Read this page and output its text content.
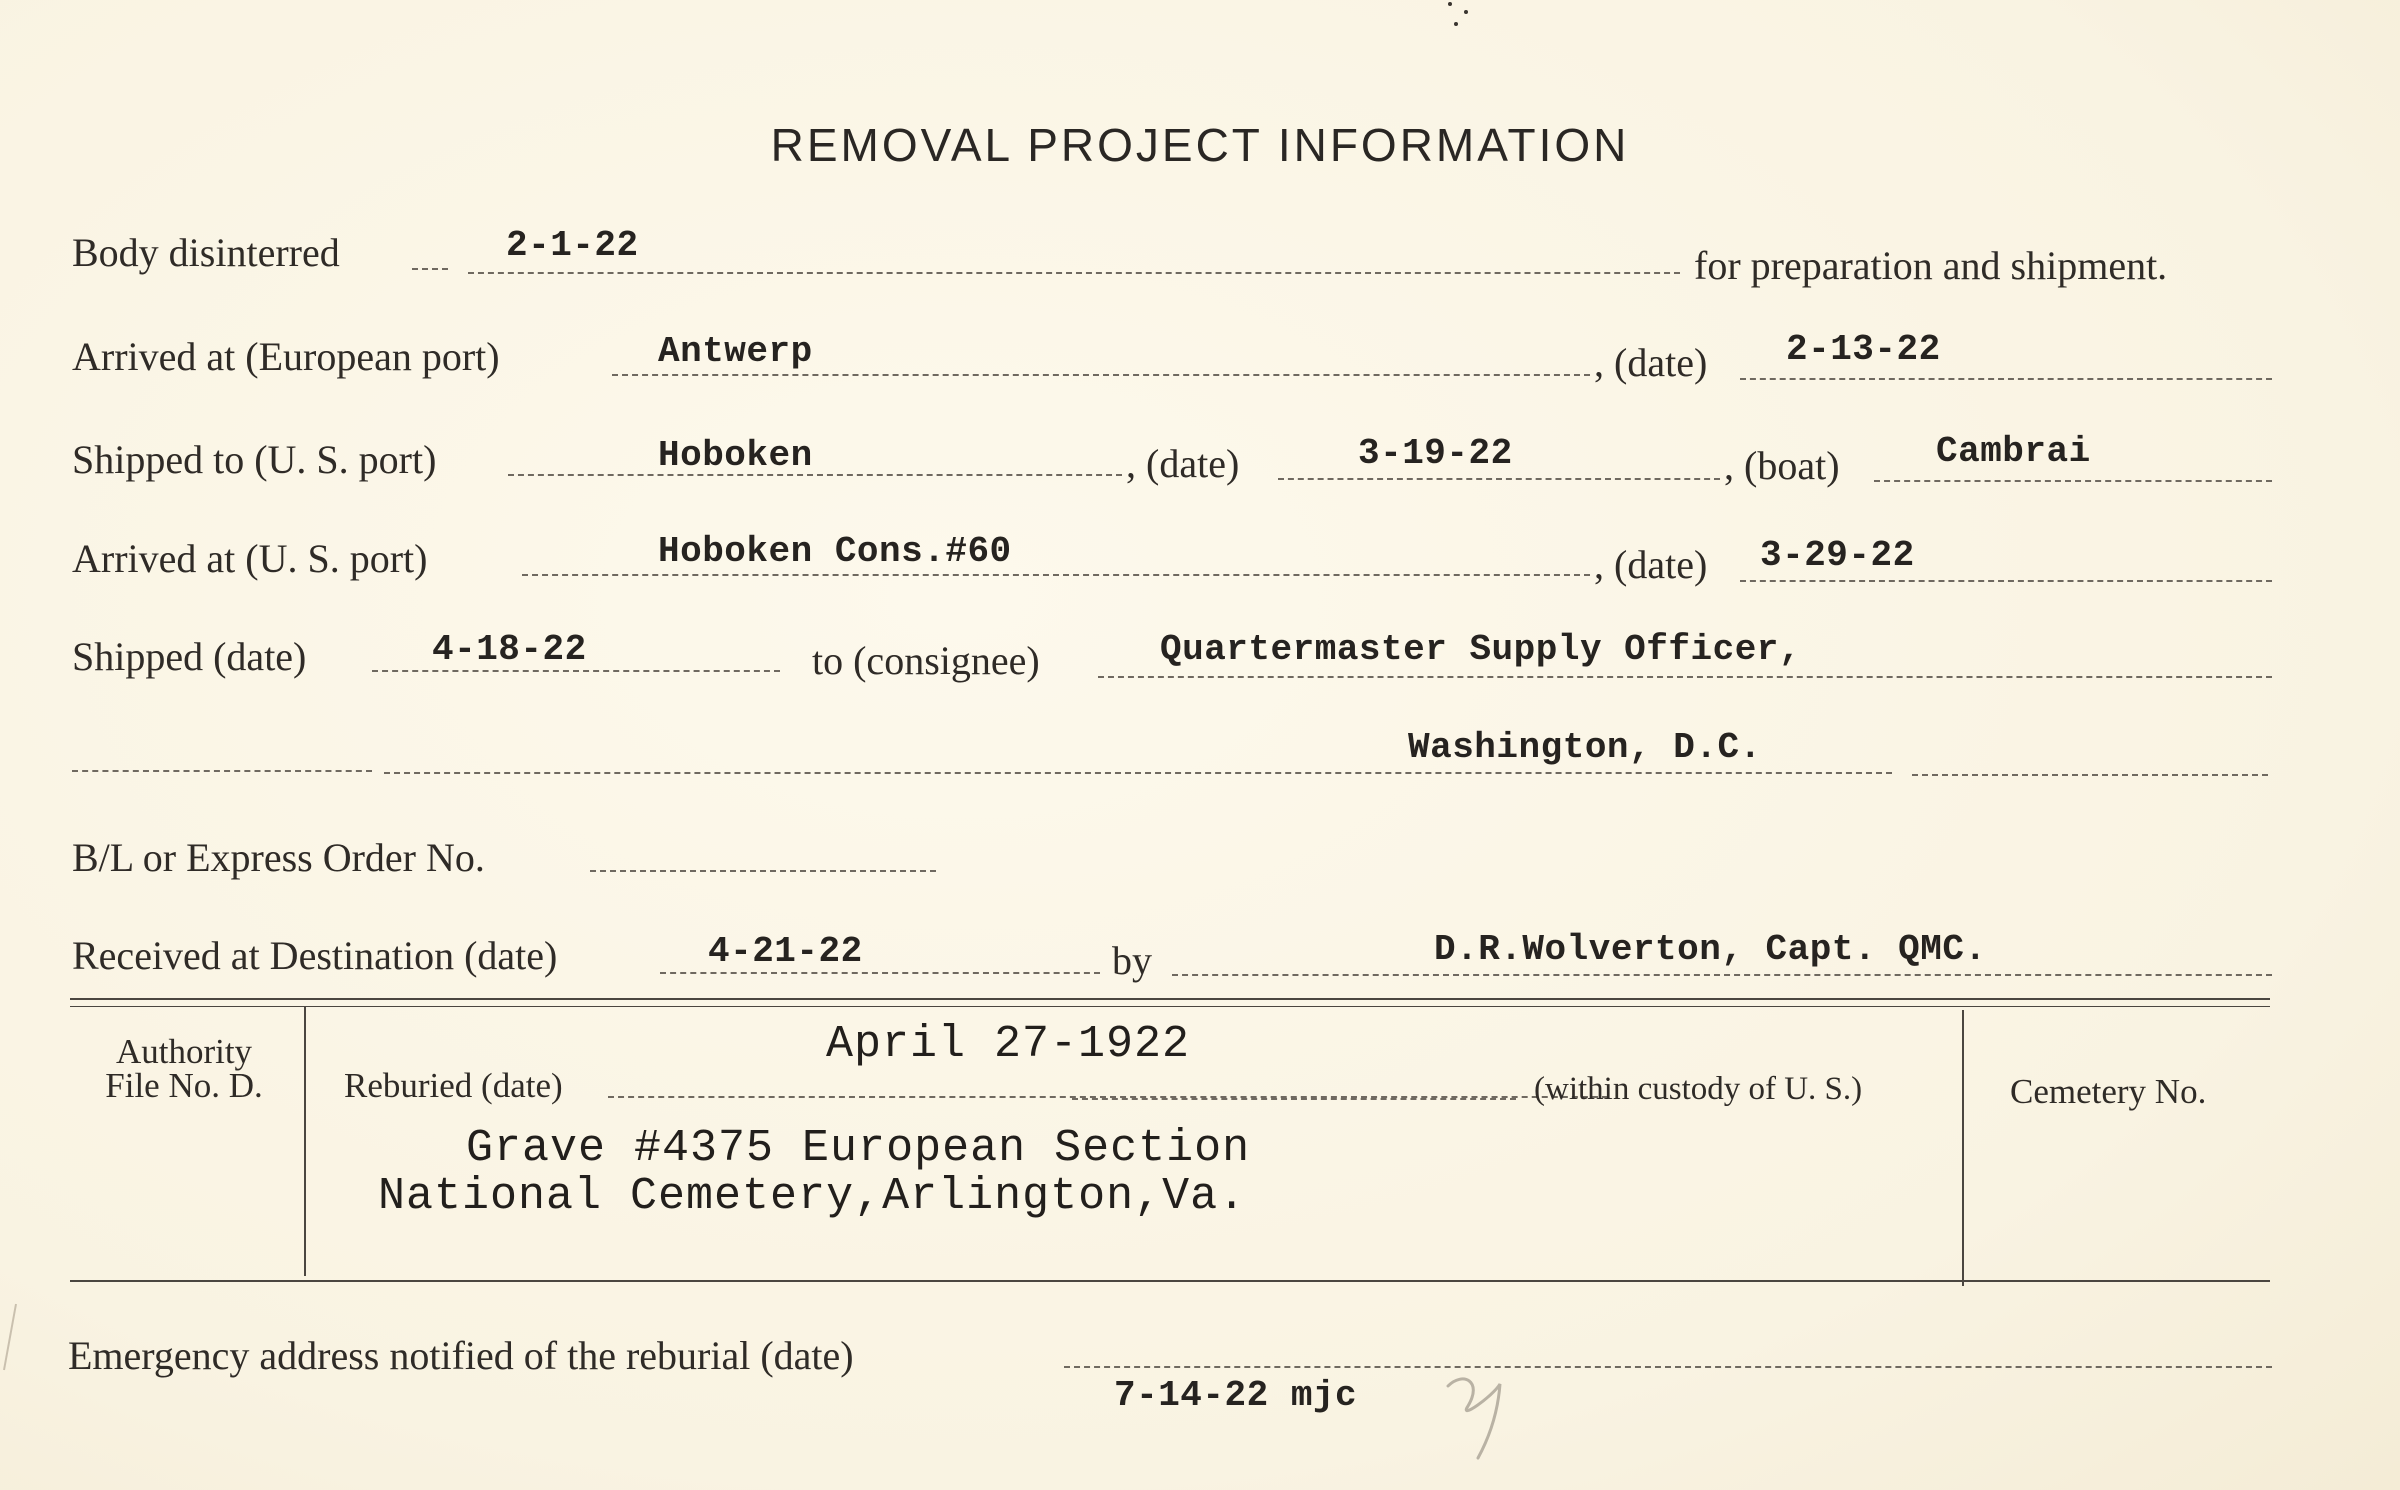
REMOVAL PROJECT INFORMATION
Body disinterred	2-1-22	for preparation and shipment.
Arrived at (European port)	Antwerp	, (date) 2-13-22
Shipped to (U. S. port)	Hoboken	, (date)	3-19-22	, (boat)	Cambrai
Arrived at (U. S. port)	Hoboken Cons.#60	, (date) 3-29-22
Shipped (date)	4-18-22	to (consignee)	Quartermaster Supply Officer,
Washington, D.C.
B/L or Express Order No.
Received at Destination (date)	4-21-22	by	D.R.Wolverton, Capt. QMC.
Authority
File No. D.
April 27-1922
Reburied (date)	(within custody of U. S.)
Grave #4375 European Section
National Cemetery,Arlington,Va.
Cemetery No.
Emergency address notified of the reburial (date)
7-14-22 mjc
